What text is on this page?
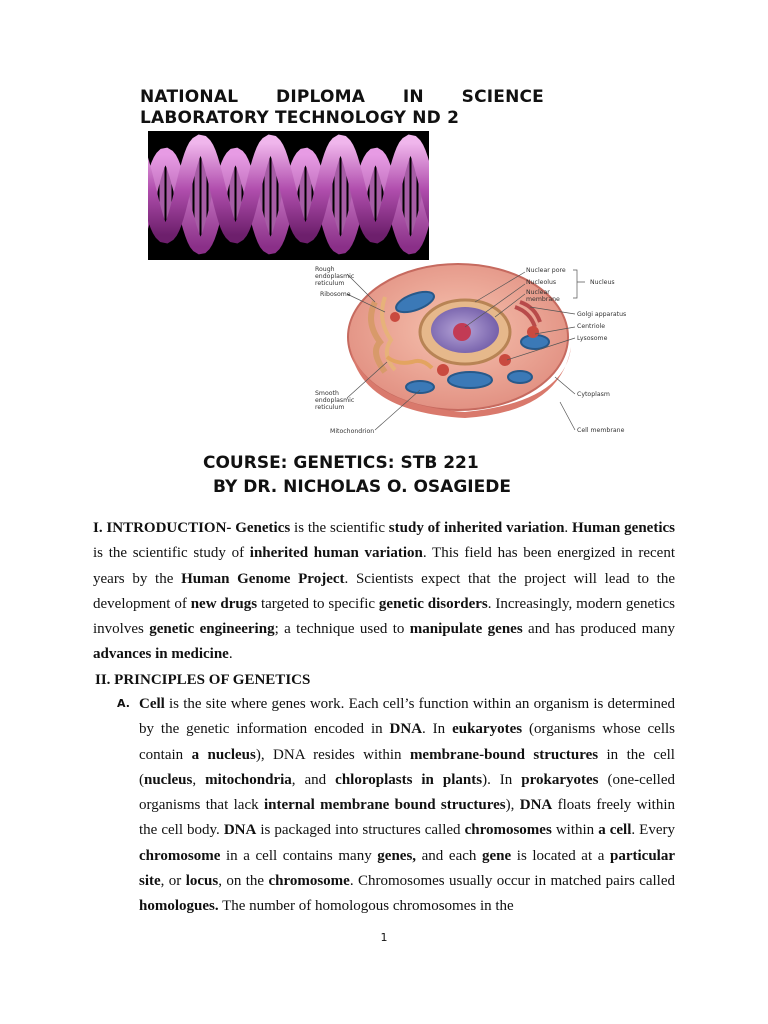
NATIONAL DIPLOMA IN SCIENCE
LABORATORY TECHNOLOGY ND 2
Rough
endoplasmic
reticulum
Ribosome
Smooth
endoplasmic
reticulum
Mitochondrion
Nuclear pore
Nucleolus
Nuclear
membrane
Nucleus
Golgi apparatus
Centriole
Lysosome
Cytoplasm
Cell membrane
COURSE: GENETICS: STB 221
BY DR. NICHOLAS O. OSAGIEDE
I. INTRODUCTION- Genetics is the scientific study of inherited variation. Human genetics is the scientific study of inherited human variation. This field has been energized in recent years by the Human Genome Project. Scientists expect that the project will lead to the development of new drugs targeted to specific genetic disorders. Increasingly, modern genetics involves genetic engineering; a technique used to manipulate genes and has produced many advances in medicine.
II. PRINCIPLES OF GENETICS
A. Cell is the site where genes work. Each cell’s function within an organism is determined by the genetic information encoded in DNA. In eukaryotes (organisms whose cells contain a nucleus), DNA resides within membrane-bound structures in the cell (nucleus, mitochondria, and chloroplasts in plants). In prokaryotes (one-celled organisms that lack internal membrane bound structures), DNA floats freely within the cell body. DNA is packaged into structures called chromosomes within a cell. Every chromosome in a cell contains many genes, and each gene is located at a particular site, or locus, on the chromosome. Chromosomes usually occur in matched pairs called homologues. The number of homologous chromosomes in the
1
